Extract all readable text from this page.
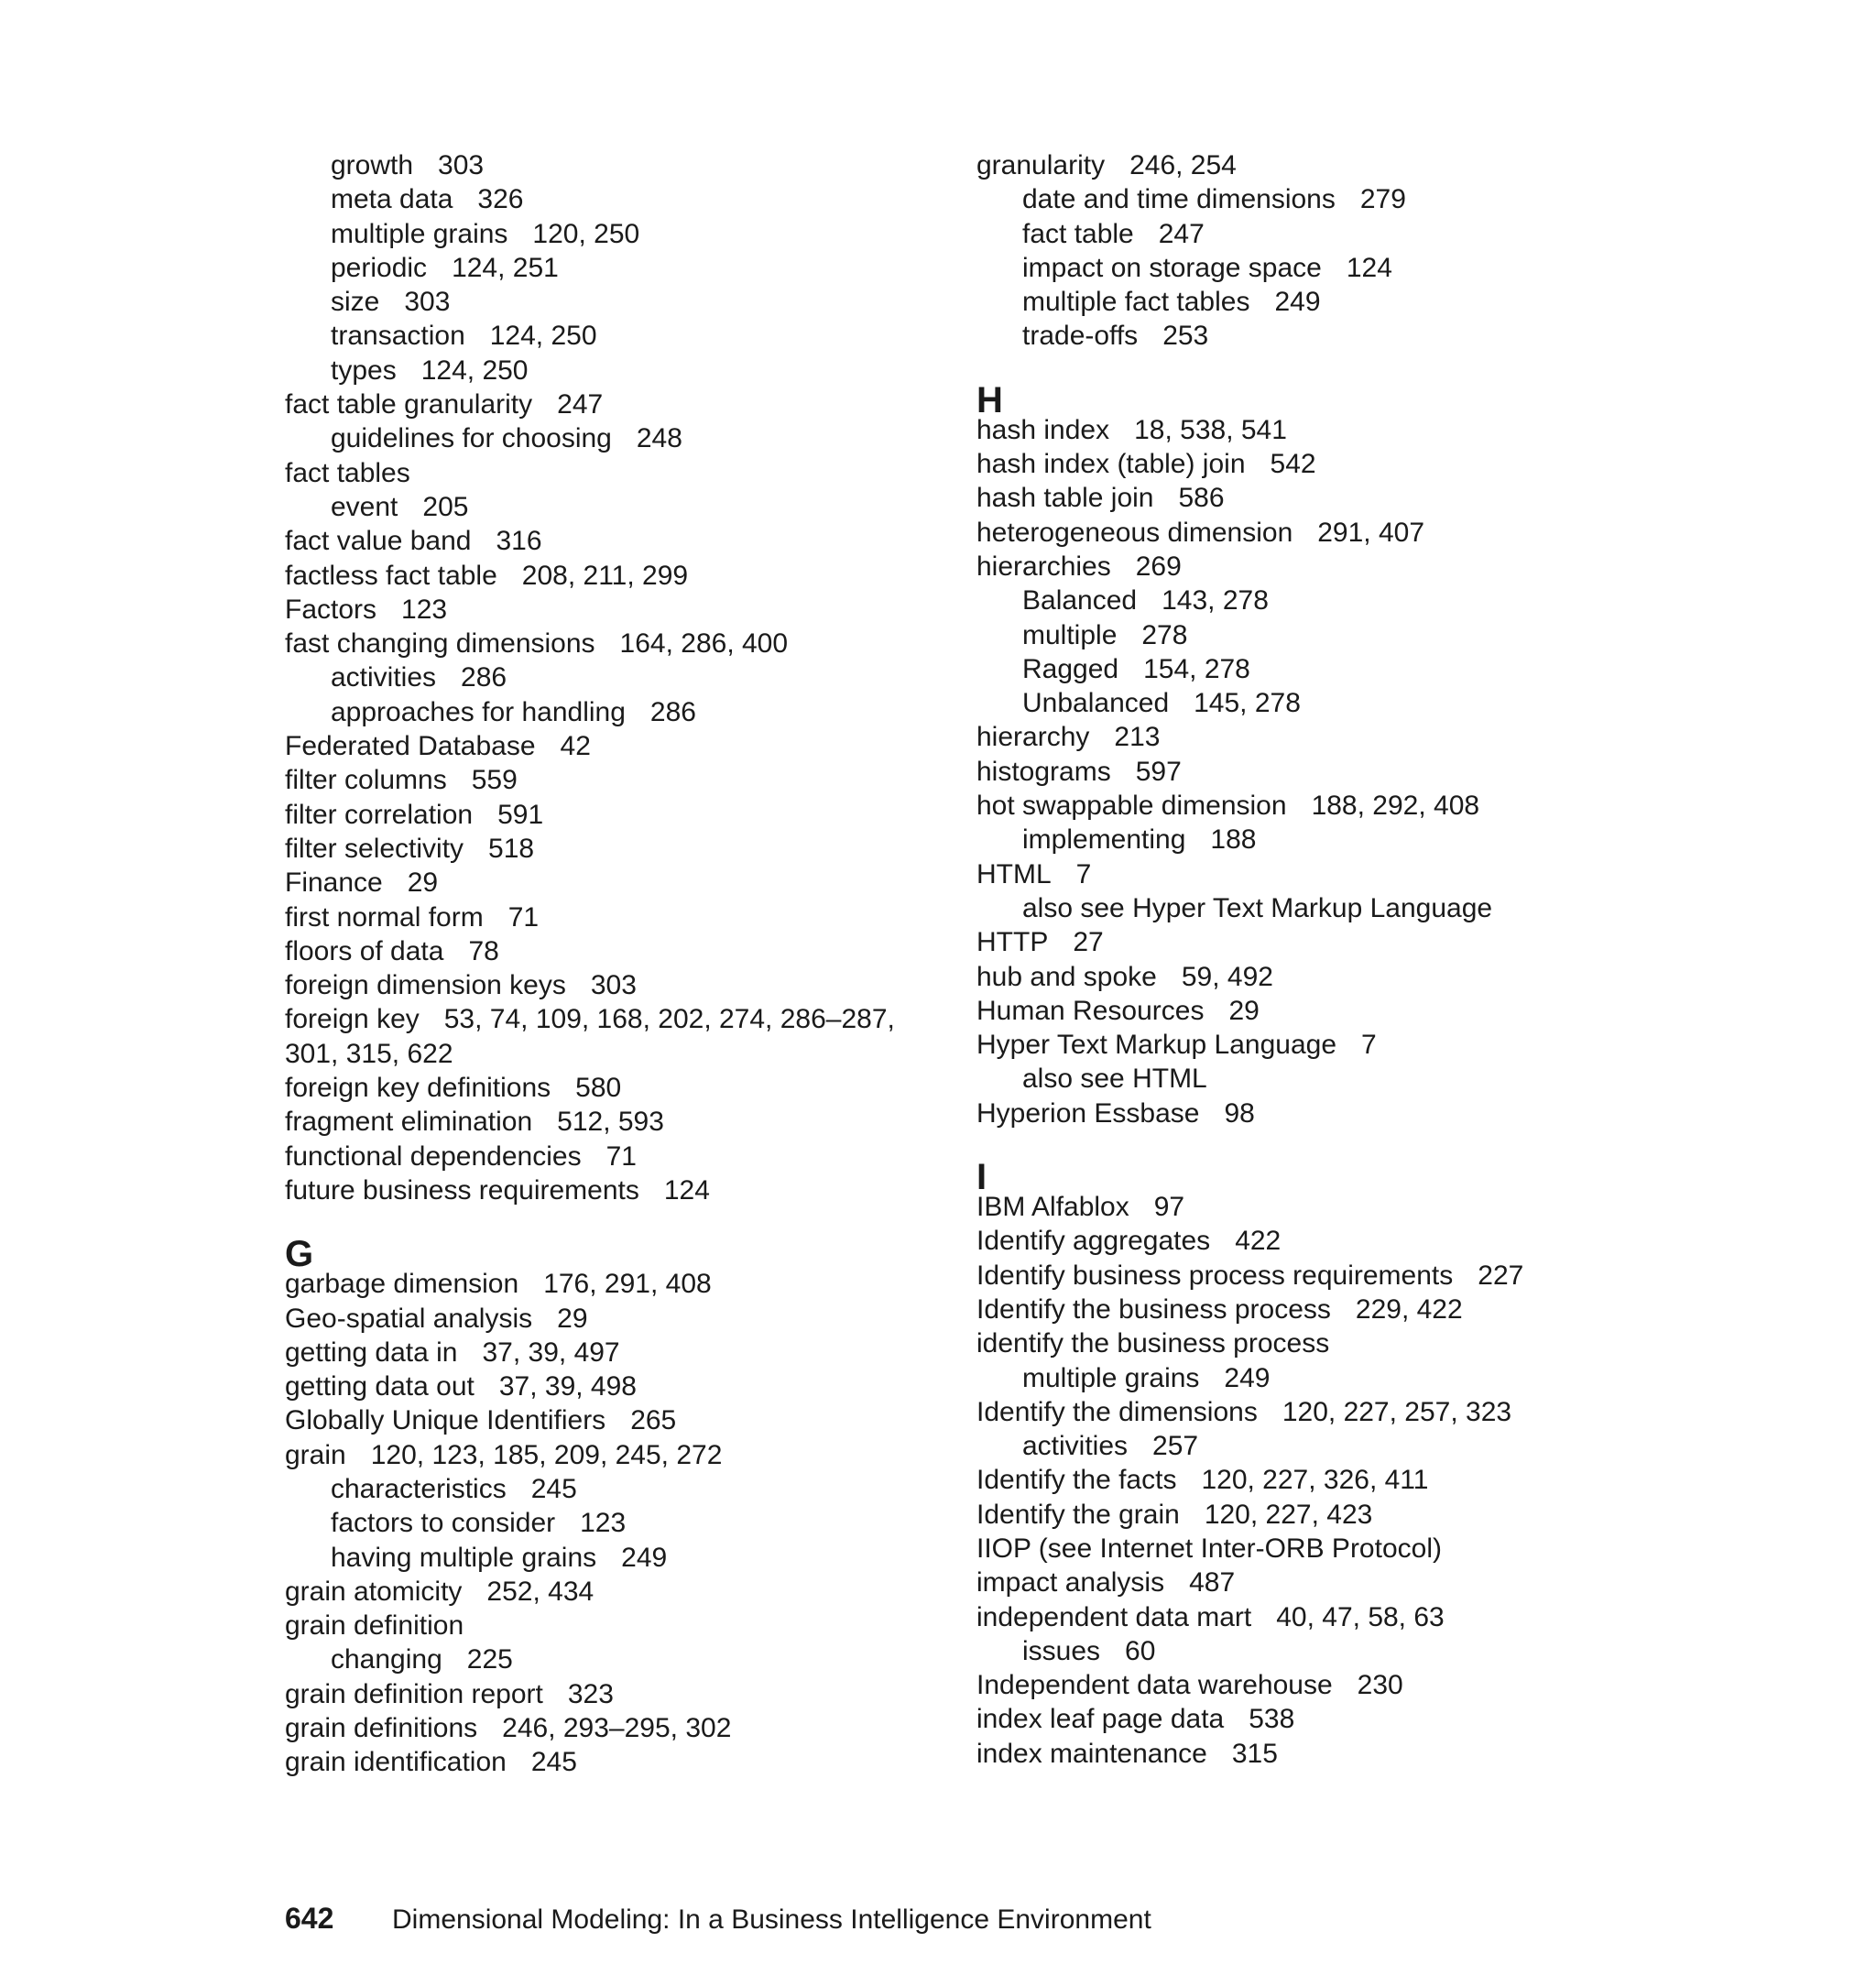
growth 303
meta data 326
multiple grains 120, 250
periodic 124, 251
size 303
transaction 124, 250
types 124, 250
fact table granularity 247
guidelines for choosing 248
fact tables
event 205
fact value band 316
factless fact table 208, 211, 299
Factors 123
fast changing dimensions 164, 286, 400
activities 286
approaches for handling 286
Federated Database 42
filter columns 559
filter correlation 591
filter selectivity 518
Finance 29
first normal form 71
floors of data 78
foreign dimension keys 303
foreign key 53, 74, 109, 168, 202, 274, 286–287,
301, 315, 622
foreign key definitions 580
fragment elimination 512, 593
functional dependencies 71
future business requirements 124
G
garbage dimension 176, 291, 408
Geo-spatial analysis 29
getting data in 37, 39, 497
getting data out 37, 39, 498
Globally Unique Identifiers 265
grain 120, 123, 185, 209, 245, 272
characteristics 245
factors to consider 123
having multiple grains 249
grain atomicity 252, 434
grain definition
changing 225
grain definition report 323
grain definitions 246, 293–295, 302
grain identification 245
granularity 246, 254
date and time dimensions 279
fact table 247
impact on storage space 124
multiple fact tables 249
trade-offs 253
H
hash index 18, 538, 541
hash index (table) join 542
hash table join 586
heterogeneous dimension 291, 407
hierarchies 269
Balanced 143, 278
multiple 278
Ragged 154, 278
Unbalanced 145, 278
hierarchy 213
histograms 597
hot swappable dimension 188, 292, 408
implementing 188
HTML 7
also see Hyper Text Markup Language
HTTP 27
hub and spoke 59, 492
Human Resources 29
Hyper Text Markup Language 7
also see HTML
Hyperion Essbase 98
I
IBM Alfablox 97
Identify aggregates 422
Identify business process requirements 227
Identify the business process 229, 422
identify the business process
multiple grains 249
Identify the dimensions 120, 227, 257, 323
activities 257
Identify the facts 120, 227, 326, 411
Identify the grain 120, 227, 423
IIOP (see Internet Inter-ORB Protocol)
impact analysis 487
independent data mart 40, 47, 58, 63
issues 60
Independent data warehouse 230
index leaf page data 538
index maintenance 315
642 Dimensional Modeling: In a Business Intelligence Environment
